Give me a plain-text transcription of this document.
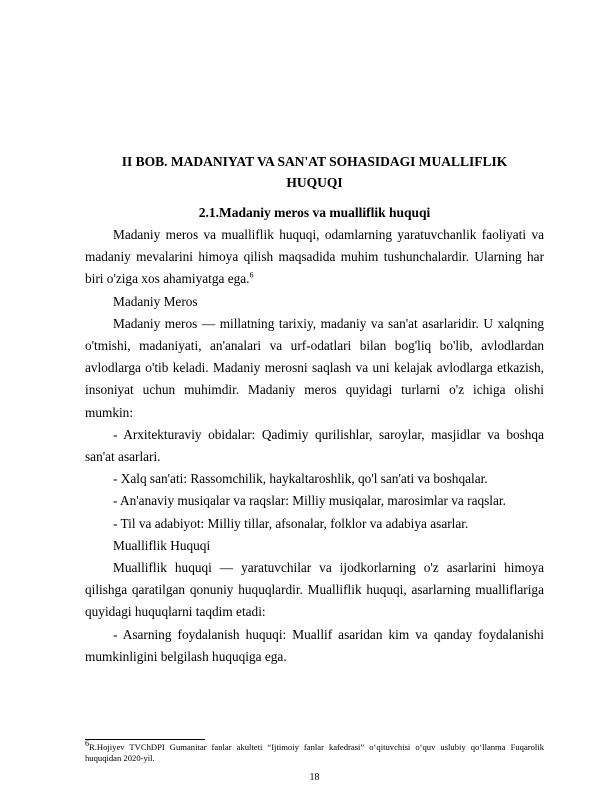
II BOB. MADANIYAT VA SAN'AT SOHASIDAGI MUALLIFLIK
HUQUQI
2.1.Madaniy meros va mualliflik huquqi

Madaniy meros va mualliflik huquqi, odamlarning yaratuvchanlik faoliyati va madaniy mevalarini himoya qilish maqsadida muhim tushunchalardir. Ularning har biri o'ziga xos ahamiyatga ega.$^6$

Madaniy Meros

Madaniy meros — millatning tarixiy, madaniy va san'at asarlaridir. U xalqning o'tmishi, madaniyati, an'analari va urf-odatlari bilan bog'liq bo'lib, avlodlardan avlodlarga o'tib keladi. Madaniy merosni saqlash va uni kelajak avlodlarga etkazish, insoniyat uchun muhimdir. Madaniy meros quyidagi turlarni o'z ichiga olishi mumkin:

- Arxitekturaviy obidalar: Qadimiy qurilishlar, saroylar, masjidlar va boshqa san'at asarlari.

- Xalq san'ati: Rassomchilik, haykaltaroshlik, qo'l san'ati va boshqalar.

- An'anaviy musiqalar va raqslar: Milliy musiqalar, marosimlar va raqslar.

- Til va adabiyot: Milliy tillar, afsonalar, folklor va adabiya asarlar.

Mualliflik Huquqi

Mualliflik huquqi — yaratuvchilar va ijodkorlarning o'z asarlarini himoya qilishga qaratilgan qonuniy huquqlardir. Mualliflik huquqi, asarlarning mualliflariga quyidagi huquqlarni taqdim etadi:

- Asarning foydalanish huquqi: Muallif asaridan kim va qanday foydalanishi mumkinligini belgilash huquqiga ega.

$^6$R.Hojiyev TVChDPI Gumanitar fanlar akulteti “Ijtimoiy fanlar kafedrasi” o‘qituvchisi o‘quv uslubiy qo‘llanma Fuqarolik huquqidan 2020-yil.
18
